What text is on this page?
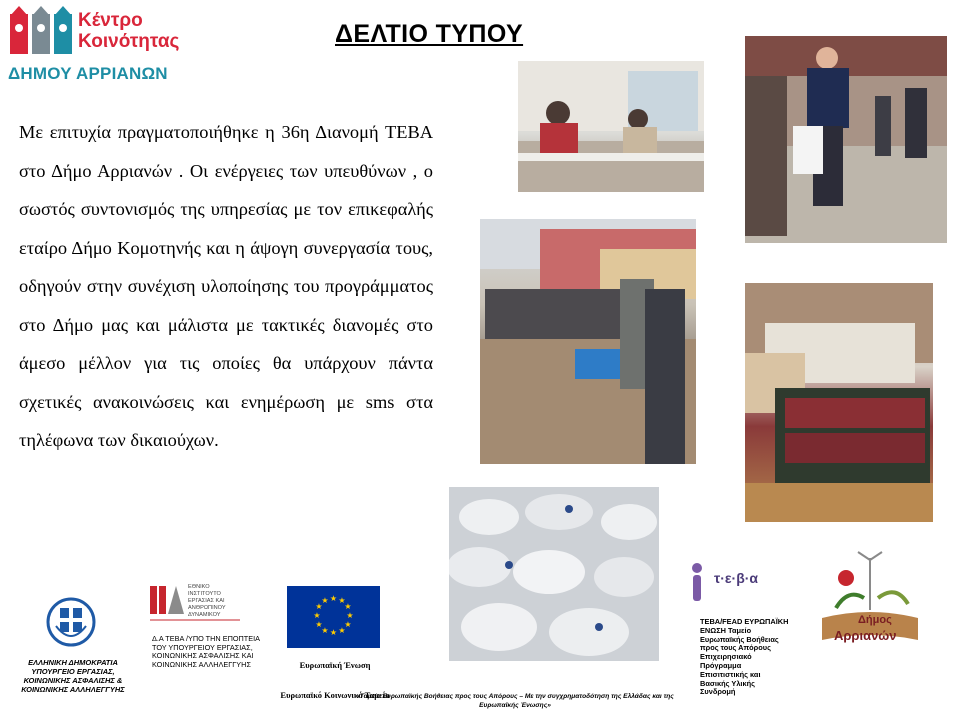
Κέντρο
Κοινότητας
ΔΗΜΟΥ ΑΡΡΙΑΝΩΝ
ΔΕΛΤΙΟ ΤΥΠΟΥ
Με επιτυχία πραγματοποιήθηκε η 36η Διανομή ΤΕΒΑ στο Δήμο Αρριανών . Οι ενέργειες των υπευθύνων , ο σωστός συντονισμός της υπηρεσίας με τον επικεφαλής εταίρο Δήμο Κομοτηνής και η άψογη συνεργασία τους, οδηγούν στην συνέχιση υλοποίησης του προγράμματος στο Δήμο μας και μάλιστα με τακτικές διανομές στο άμεσο μέλλον για τις οποίες θα υπάρχουν πάντα σχετικές ανακοινώσεις και ενημέρωση με sms στα τηλέφωνα των δικαιούχων.
ΕΛΛΗΝΙΚΗ ΔΗΜΟΚΡΑΤΙΑ ΥΠΟΥΡΓΕΙΟ ΕΡΓΑΣΙΑΣ, ΚΟΙΝΩΝΙΚΗΣ ΑΣΦΑΛΙΣΗΣ & ΚΟΙΝΩΝΙΚΗΣ ΑΛΛΗΛΕΓΓΥΗΣ
ΕΘΝΙΚΟ ΙΝΣΤΙΤΟΥΤΟ ΕΡΓΑΣΙΑΣ ΚΑΙ ΑΝΘΡΩΠΙΝΟΥ ΔΥΝΑΜΙΚΟΥ
Δ.Α ΤΕΒΑ /ΥΠΟ ΤΗΝ ΕΠΟΠΤΕΙΑ ΤΟΥ ΥΠΟΥΡΓΕΙΟΥ ΕΡΓΑΣΙΑΣ, ΚΟΙΝΩΝΙΚΗΣ ΑΣΦΑΛΙΣΗΣ ΚΑΙ ΚΟΙΝΩΝΙΚΗΣ ΑΛΛΗΛΕΓΓΥΗΣ
★ ★
★
★
★
★
★
★
★
★
★
★
Ευρωπαϊκή Ένωση
Ευρωπαϊκό Κοινωνικό Ταμείο
«Ταμείο Ευρωπαϊκής Βοήθειας προς τους Απόρους – Με την συγχρηματοδότηση της Ελλάδας και της Ευρωπαϊκής Ένωσης»
τ·ε·β·α
ΤΕΒΑ/FEAD ΕΥΡΩΠΑΪΚΗ ΕΝΩΣΗ Ταμείο Ευρωπαϊκής Βοήθειας προς τους Απόρους Επιχειρησιακό Πρόγραμμα Επισιτιστικής και Βασικής Υλικής Συνδρομή
Δήμος
Αρριανών
